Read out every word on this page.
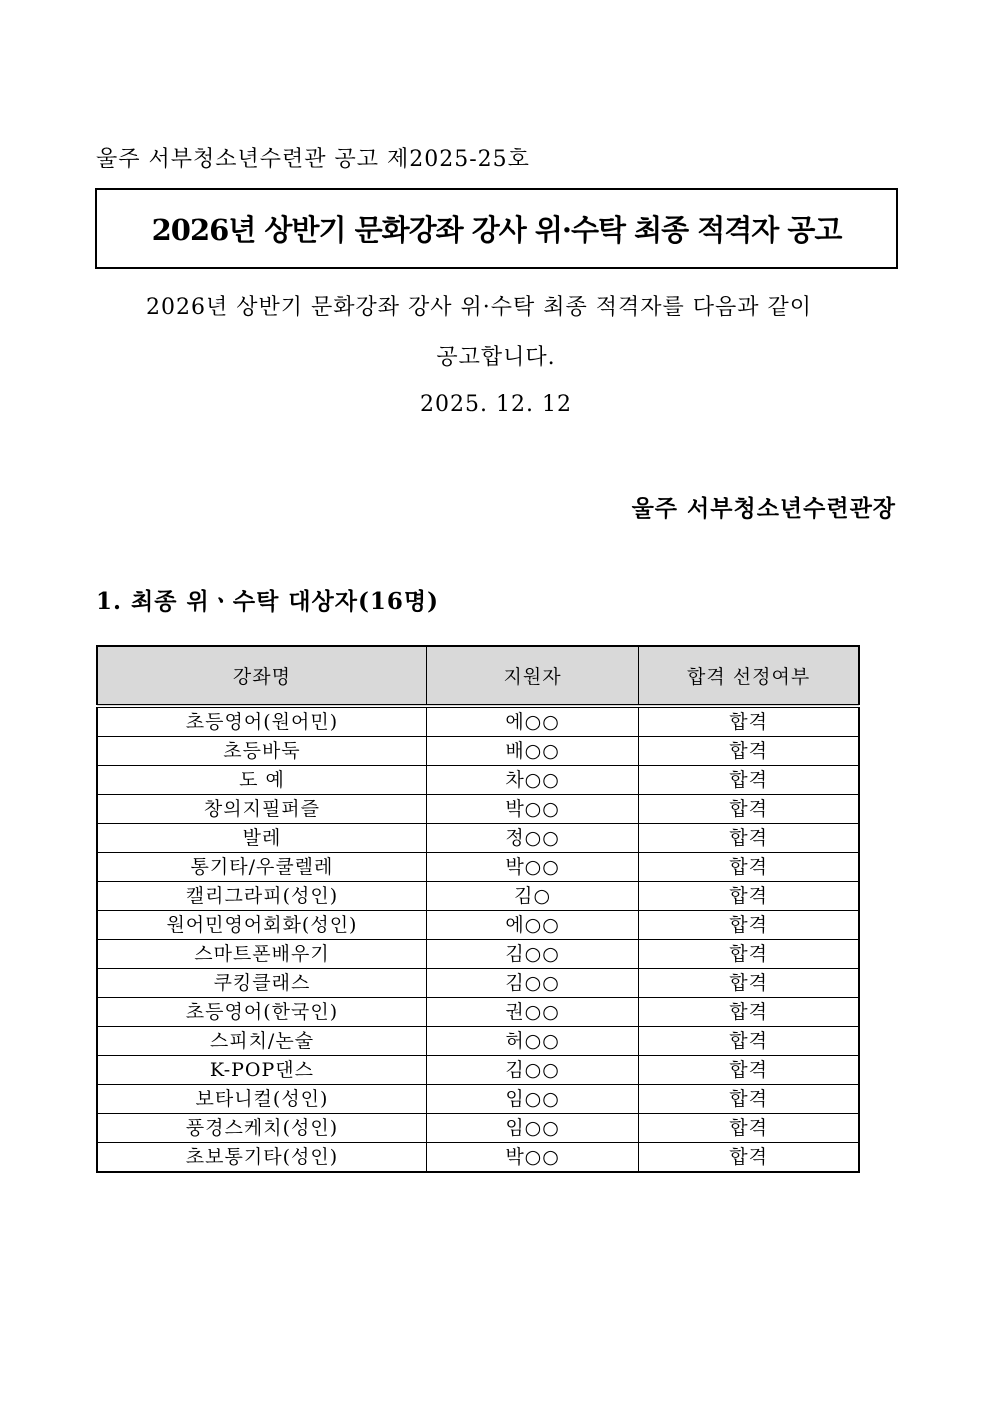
울주 서부청소년수련관 공고 제2025-25호
2026년 상반기 문화강좌 강사 위·수탁 최종 적격자 공고
2026년 상반기 문화강좌 강사 위·수탁 최종 적격자를 다음과 같이
공고합니다.
2025. 12. 12
울주 서부청소년수련관장
1. 최종 위ㆍ수탁 대상자(16명)
강좌명	지원자	합격 선정여부
초등영어(원어민)	에○○	합격
초등바둑	배○○	합격
도 예	차○○	합격
창의지필퍼즐	박○○	합격
발레	정○○	합격
통기타/우쿨렐레	박○○	합격
캘리그라피(성인)	김○	합격
원어민영어회화(성인)	에○○	합격
스마트폰배우기	김○○	합격
쿠킹클래스	김○○	합격
초등영어(한국인)	권○○	합격
스피치/논술	허○○	합격
K-POP댄스	김○○	합격
보타니컬(성인)	임○○	합격
풍경스케치(성인)	임○○	합격
초보통기타(성인)	박○○	합격
